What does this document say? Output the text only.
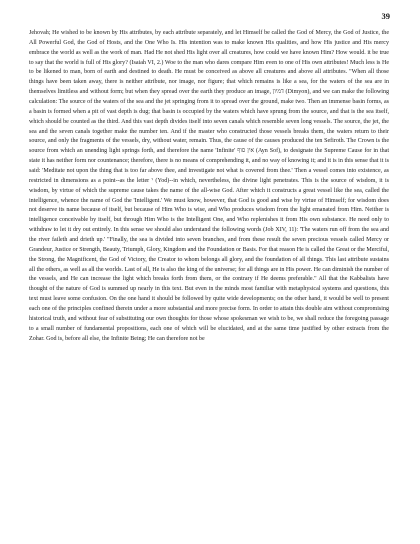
39
Jehovah; He wished to be known by His attributes, by each attribute separately, and let Himself be called the God of Mercy, the God of Justice, the All Powerful God, the God of Hosts, and the One Who Is. His intention was to make known His qualities, and how His justice and His mercy embrace the world as well as the work of man. Had He not shed His light over all creatures, how could we have known Him? How would. it be true to say that the world is full of His glory? (Isaiah VI, 2.) Woe to the man who dares compare Him even to one of His own attributes! Much less is He to be likened to man, born of earth and destined to death. He must be conceived as above all creatures and above all attributes. "When all those things have been taken away, there is neither attribute, nor image, nor figure; that which remains is like a sea, for the waters of the sea are in themselves limitless and without form; but when they spread over the earth they produce an image, דמיון (Dimyon), and we can make the following calculation: The source of the waters of the sea and the jet springing from it to spread over the ground, make two. Then an immense basin forms, as a basin is formed when a pit of vast depth is dug; that basin is occupied by the waters which have sprung from the source, and that is the sea itself, which should be counted as the third. And this vast depth divides itself into seven canals which resemble seven long vessels. The source, the jet, the sea and the seven canals together make the number ten. And if the master who constructed those vessels breaks them, the waters return to their source, and only the fragments of the vessels, dry, without water, remain. Thus, the cause of the causes produced the ten Sefiroth. The Crown is the source from which an unending light springs forth, and therefore the name 'Infinite' אין סוף (Ayn Sof), to designate the Supreme Cause for in that state it has neither form nor countenance; therefore, there is no means of comprehending it, and no way of knowing it; and it is in this sense that it is said: 'Meditate not upon the thing that is too far above thee, and investigate not what is covered from thee.' Then a vessel comes into existence, as restricted in dimensions as a point--as the letter י (Yod)--in which, nevertheless, the divine light penetrates. This is the source of wisdom, it is wisdom, by virtue of which the supreme cause takes the name of the all-wise God. After which it constructs a great vessel like the sea, called the intelligence, whence the name of God the 'Intelligent.' We must know, however, that God is good and wise by virtue of Himself; for wisdom does not deserve its name because of itself, but because of Him Who is wise, and Who produces wisdom from the light emanated from Him. Neither is intelligence conceivable by itself, but through Him Who is the Intelligent One, and Who replenishes it from His own substance. He need only to withdraw to let it dry out entirely. In this sense we should also understand the following words (Job XIV, 11): 'The waters run off from the sea and the river faileth and drieth up.' "Finally, the sea is divided into seven branches, and from these result the seven precious vessels called Mercy or Grandeur, Justice or Strength, Beauty, Triumph, Glory, Kingdom and the Foundation or Basis. For that reason He is called the Great or the Merciful, the Strong, the Magnificent, the God of Victory, the Creator to whom belongs all glory, and the foundation of all things. This last attribute sustains all the others, as well as all the worlds. Last of all, He is also the king of the universe; for all things are in His power. He can diminish the number of the vessels, and He can increase the light which breaks forth from them, or the contrary if He deems preferable." All that the Kabbalists have thought of the nature of God is summed up nearly in this text. But even in the minds most familiar with metaphysical systems and questions, this text must leave some confusion. On the one hand it should be followed by quite wide developments; on the other hand, it would be well to present each one of the principles confined therein under a more substantial and more precise form. In order to attain this double aim without compromising historical truth, and without fear of substituting our own thoughts for those whose spokesman we wish to be, we shall reduce the foregoing passage to a small number of fundamental propositions, each one of which will be elucidated, and at the same time justified by other extracts from the Zohar. God is, before all else, the Infinite Being; He can therefore not be
